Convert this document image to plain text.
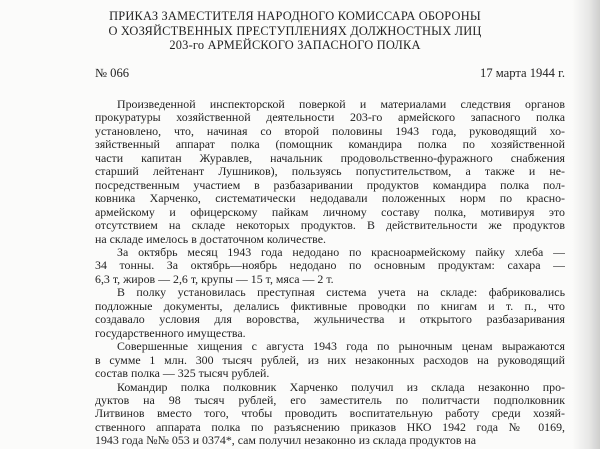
ПРИКАЗ ЗАМЕСТИТЕЛЯ НАРОДНОГО КОМИССАРА ОБОРОНЫ
О ХОЗЯЙСТВЕННЫХ ПРЕСТУПЛЕНИЯХ ДОЛЖНОСТНЫХ ЛИЦ
203-го АРМЕЙСКОГО ЗАПАСНОГО ПОЛКА
№ 066	17 марта 1944 г.
Произведенной инспекторской поверкой и материалами следствия органов
прокуратуры хозяйственной деятельности 203-го армейского запасного полка
установлено, что, начиная со второй половины 1943 года, руководящий хо-
зяйственный аппарат полка (помощник командира полка по хозяйственной
части капитан Журавлев, начальник продовольственно-фуражного снабжения
старший лейтенант Лушников), пользуясь попустительством, а также и не-
посредственным участием в разбазаривании продуктов командира полка пол-
ковника Харченко, систематически недодавали положенных норм по красно-
армейскому и офицерскому пайкам личному составу полка, мотивируя это
отсутствием на складе некоторых продуктов. В действительности же продуктов
на складе имелось в достаточном количестве.
За октябрь месяц 1943 года недодано по красноармейскому пайку хлеба —
34 тонны. За октябрь—ноябрь недодано по основным продуктам: сахара —
6,3 т, жиров — 2,6 т, крупы — 15 т, мяса — 2 т.
В полку установилась преступная система учета на складе: фабриковались
подложные документы, делались фиктивные проводки по книгам и т. п., что
создавало условия для воровства, жульничества и открытого разбазаривания
государственного имущества.
Совершенные хищения с августа 1943 года по рыночным ценам выражаются
в сумме 1 млн. 300 тысяч рублей, из них незаконных расходов на руководящий
состав полка — 325 тысяч рублей.
Командир полка полковник Харченко получил из склада незаконно про-
дуктов на 98 тысяч рублей, его заместитель по политчасти подполковник
Литвинов вместо того, чтобы проводить воспитательную работу среди хозяй-
ственного аппарата полка по разъяснению приказов НКО 1942 года № 0169,
1943 года №№ 053 и 0374*, сам получил незаконно из склада продуктов на
